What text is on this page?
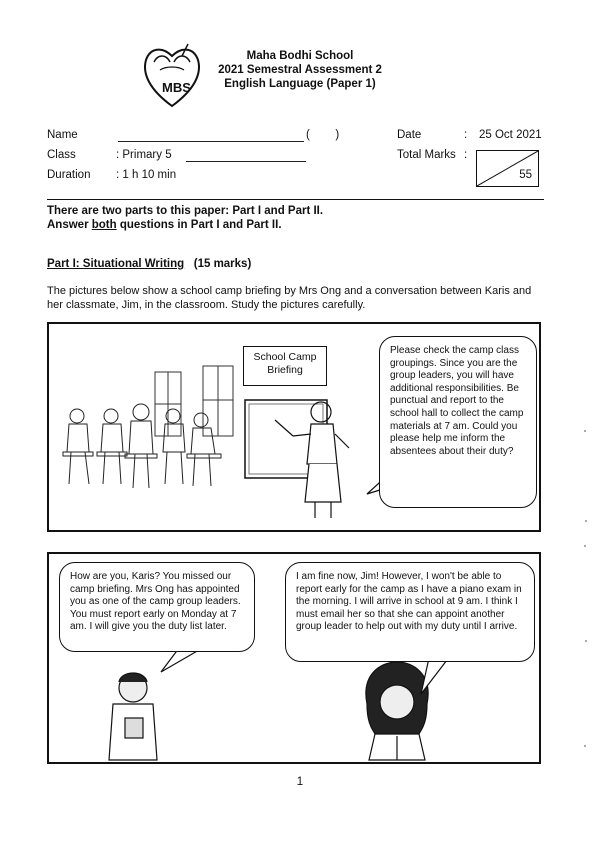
MBS
Maha Bodhi School
2021 Semestral Assessment 2
English Language (Paper 1)
Name	(        )
Class	: Primary 5
Duration : 1 h 10 min
Date	: 25 Oct 2021
Total Marks :
55
There are two parts to this paper: Part I and Part II.
Answer both questions in Part I and Part II.
Part I: Situational Writing (15 marks)
The pictures below show a school camp briefing by Mrs Ong and a conversation between Karis and her classmate, Jim, in the classroom. Study the pictures carefully.
School Camp Briefing
Please check the camp class groupings. Since you are the group leaders, you will have additional responsibilities. Be punctual and report to the school hall to collect the camp materials at 7 am. Could you please help me inform the absentees about their duty?
How are you, Karis? You missed our camp briefing. Mrs Ong has appointed you as one of the camp group leaders. You must report early on Monday at 7 am. I will give you the duty list later.
I am fine now, Jim! However, I won't be able to report early for the camp as I have a piano exam in the morning. I will arrive in school at 9 am. I think I must email her so that she can appoint another group leader to help out with my duty until I arrive.
1
